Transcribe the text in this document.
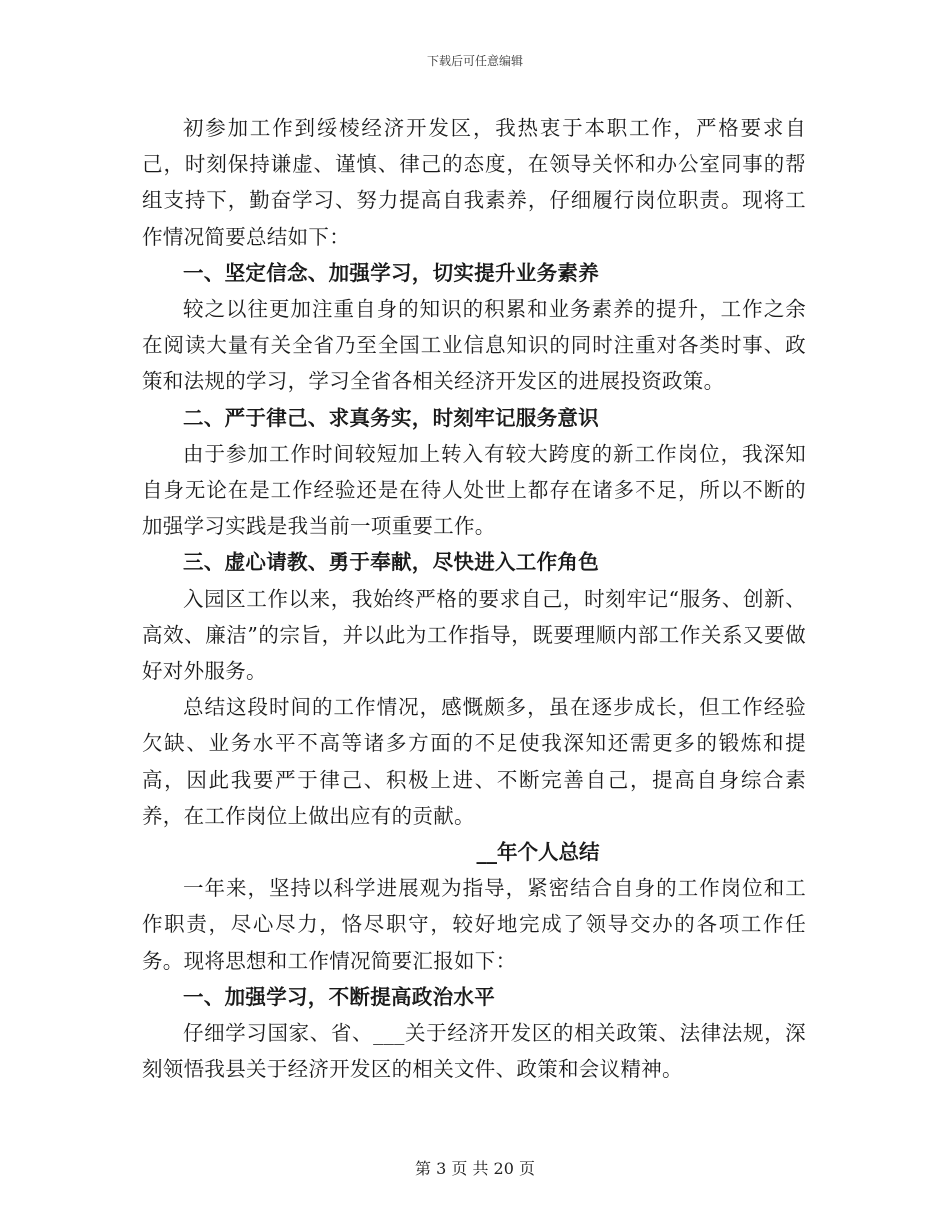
下载后可任意编辑

初参加工作到绥棱经济开发区，我热衷于本职工作，严格要求自己，时刻保持谦虚、谨慎、律己的态度，在领导关怀和办公室同事的帮组支持下，勤奋学习、努力提高自我素养，仔细履行岗位职责。现将工作情况简要总结如下：

一、坚定信念、加强学习，切实提升业务素养

较之以往更加注重自身的知识的积累和业务素养的提升，工作之余在阅读大量有关全省乃至全国工业信息知识的同时注重对各类时事、政策和法规的学习，学习全省各相关经济开发区的进展投资政策。

二、严于律己、求真务实，时刻牢记服务意识

由于参加工作时间较短加上转入有较大跨度的新工作岗位，我深知自身无论在是工作经验还是在待人处世上都存在诸多不足，所以不断的加强学习实践是我当前一项重要工作。

三、虚心请教、勇于奉献，尽快进入工作角色

入园区工作以来，我始终严格的要求自己，时刻牢记“服务、创新、高效、廉洁”的宗旨，并以此为工作指导，既要理顺内部工作关系又要做好对外服务。

总结这段时间的工作情况，感慨颇多，虽在逐步成长，但工作经验欠缺、业务水平不高等诸多方面的不足使我深知还需更多的锻炼和提高，因此我要严于律己、积极上进、不断完善自己，提高自身综合素养，在工作岗位上做出应有的贡献。

__年个人总结

一年来，坚持以科学进展观为指导，紧密结合自身的工作岗位和工作职责，尽心尽力，恪尽职守，较好地完成了领导交办的各项工作任务。现将思想和工作情况简要汇报如下：

一、加强学习，不断提高政治水平

仔细学习国家、省、___关于经济开发区的相关政策、法律法规，深刻领悟我县关于经济开发区的相关文件、政策和会议精神。

第 3 页 共 20 页
